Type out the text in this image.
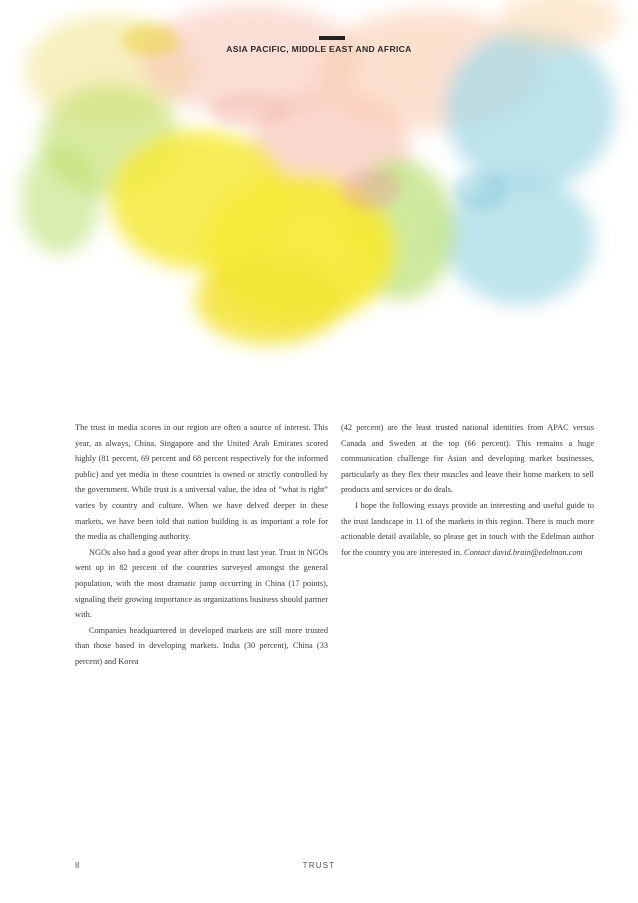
ASIA PACIFIC, MIDDLE EAST AND AFRICA

The trust in media scores in our region are often a source of interest. This year, as always, China, Singapore and the United Arab Emirates scored highly (81 percent, 69 percent and 68 percent respectively for the informed public) and yet media in these countries is owned or strictly controlled by the government. While trust is a universal value, the idea of “what is right” varies by country and culture. When we have delved deeper in these markets, we have been told that nation building is as important a role for the media as challenging authority.

NGOs also had a good year after drops in trust last year. Trust in NGOs went up in 82 percent of the countries surveyed amongst the general population, with the most dramatic jump occurring in China (17 points), signaling their growing importance as organizations business should partner with.

Companies headquartered in developed markets are still more trusted than those based in developing markets. India (30 percent), China (33 percent) and Korea

(42 percent) are the least trusted national identities from APAC versus Canada and Sweden at the top (66 percent). This remains a huge communication challenge for Asian and developing market businesses, particularly as they flex their muscles and leave their home markets to sell products and services or do deals.

I hope the following essays provide an interesting and useful guide to the trust landscape in 11 of the markets in this region. There is much more actionable detail available, so please get in touch with the Edelman author for the country you are interested in. Contact david.brain@edelman.com

8	TRUST
